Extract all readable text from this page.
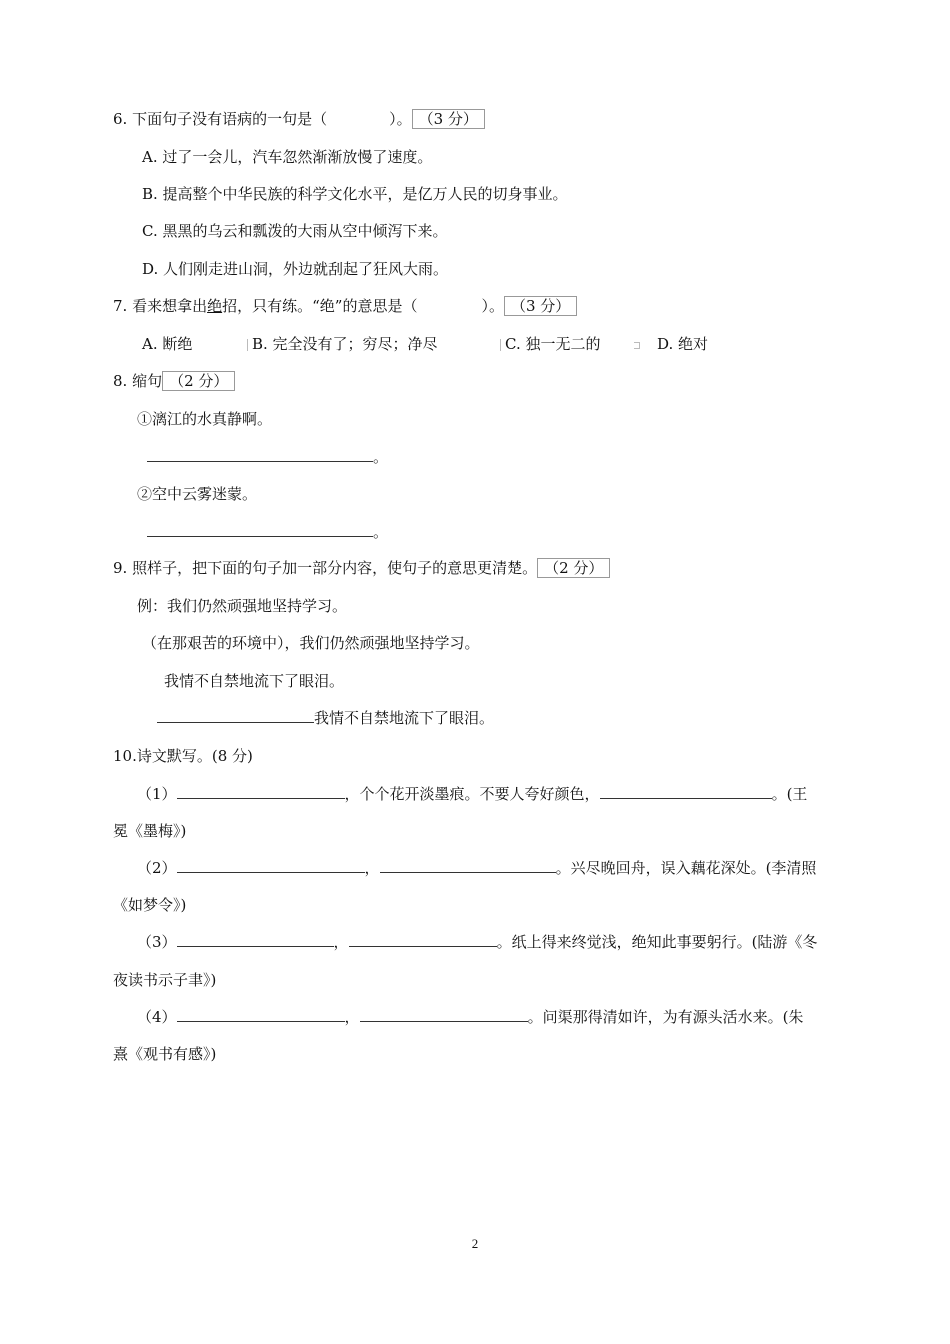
6. 下面句子没有语病的一句是（	）。 （3 分）
A. 过了一会儿，汽车忽然渐渐放慢了速度。
B. 提高整个中华民族的科学文化水平，是亿万人民的切身事业。
C. 黑黑的乌云和瓢泼的大雨从空中倾泻下来。
D. 人们刚走进山洞，外边就刮起了狂风大雨。
7. 看来想拿出绝招，只有练。“绝”的意思是（	）。 （3 分）
A. 断绝	B. 完全没有了；穷尽；净尽	C. 独一无二的	D. 绝对
8. 缩句 （2 分）
①漓江的水真静啊。
。
②空中云雾迷蒙。
。
9. 照样子，把下面的句子加一部分内容，使句子的意思更清楚。 （2 分）
例：我们仍然顽强地坚持学习。
（在那艰苦的环境中），我们仍然顽强地坚持学习。
我情不自禁地流下了眼泪。
我情不自禁地流下了眼泪。
10.诗文默写。(8 分)
（1）	，个个花开淡墨痕。不要人夸好颜色，	。(王
冕《墨梅》)
（2）	，	。兴尽晚回舟，误入藕花深处。(李清照
《如梦令》)
（3）	，	。纸上得来终觉浅，绝知此事要躬行。(陆游《冬
夜读书示子聿》)
（4）	，	。问渠那得清如许，为有源头活水来。(朱
熹《观书有感》)
2
